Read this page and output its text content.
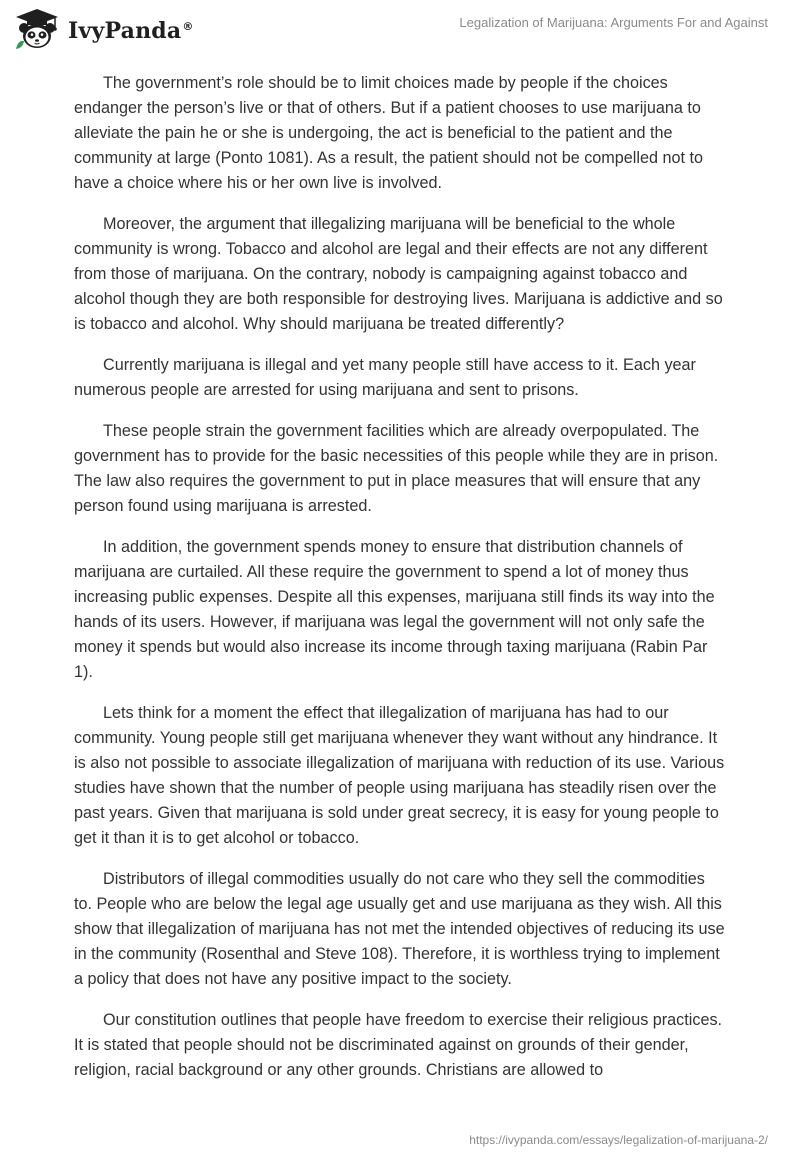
IvyPanda®	Legalization of Marijuana: Arguments For and Against

The government’s role should be to limit choices made by people if the choices endanger the person’s live or that of others. But if a patient chooses to use marijuana to alleviate the pain he or she is undergoing, the act is beneficial to the patient and the community at large (Ponto 1081). As a result, the patient should not be compelled not to have a choice where his or her own live is involved.

Moreover, the argument that illegalizing marijuana will be beneficial to the whole community is wrong. Tobacco and alcohol are legal and their effects are not any different from those of marijuana. On the contrary, nobody is campaigning against tobacco and alcohol though they are both responsible for destroying lives. Marijuana is addictive and so is tobacco and alcohol. Why should marijuana be treated differently?

Currently marijuana is illegal and yet many people still have access to it. Each year numerous people are arrested for using marijuana and sent to prisons.

These people strain the government facilities which are already overpopulated. The government has to provide for the basic necessities of this people while they are in prison. The law also requires the government to put in place measures that will ensure that any person found using marijuana is arrested.

In addition, the government spends money to ensure that distribution channels of marijuana are curtailed. All these require the government to spend a lot of money thus increasing public expenses. Despite all this expenses, marijuana still finds its way into the hands of its users. However, if marijuana was legal the government will not only safe the money it spends but would also increase its income through taxing marijuana (Rabin Par 1).

Lets think for a moment the effect that illegalization of marijuana has had to our community. Young people still get marijuana whenever they want without any hindrance. It is also not possible to associate illegalization of marijuana with reduction of its use. Various studies have shown that the number of people using marijuana has steadily risen over the past years. Given that marijuana is sold under great secrecy, it is easy for young people to get it than it is to get alcohol or tobacco.

Distributors of illegal commodities usually do not care who they sell the commodities to. People who are below the legal age usually get and use marijuana as they wish. All this show that illegalization of marijuana has not met the intended objectives of reducing its use in the community (Rosenthal and Steve 108). Therefore, it is worthless trying to implement a policy that does not have any positive impact to the society.

Our constitution outlines that people have freedom to exercise their religious practices. It is stated that people should not be discriminated against on grounds of their gender, religion, racial background or any other grounds. Christians are allowed to

https://ivypanda.com/essays/legalization-of-marijuana-2/
